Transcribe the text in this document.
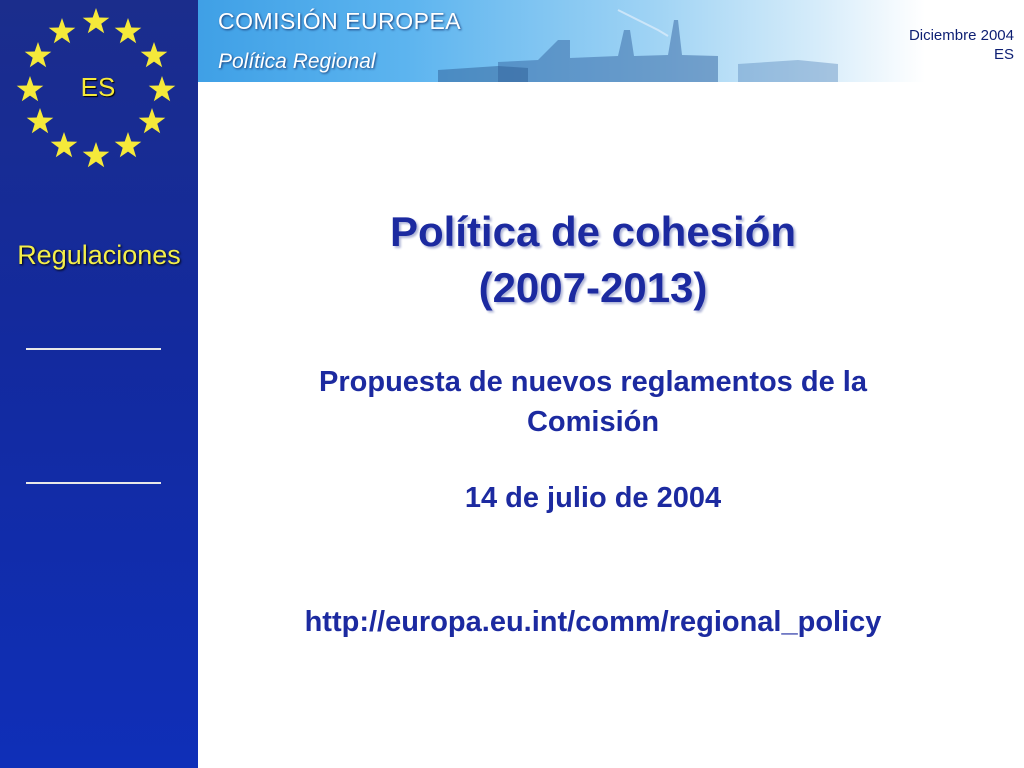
ES
Regulaciones
COMISIÓN EUROPEA
Política Regional
Diciembre 2004
ES
Política de cohesión
(2007-2013)
Propuesta de nuevos reglamentos de la
Comisión
14 de julio de 2004
http://europa.eu.int/comm/regional_policy
